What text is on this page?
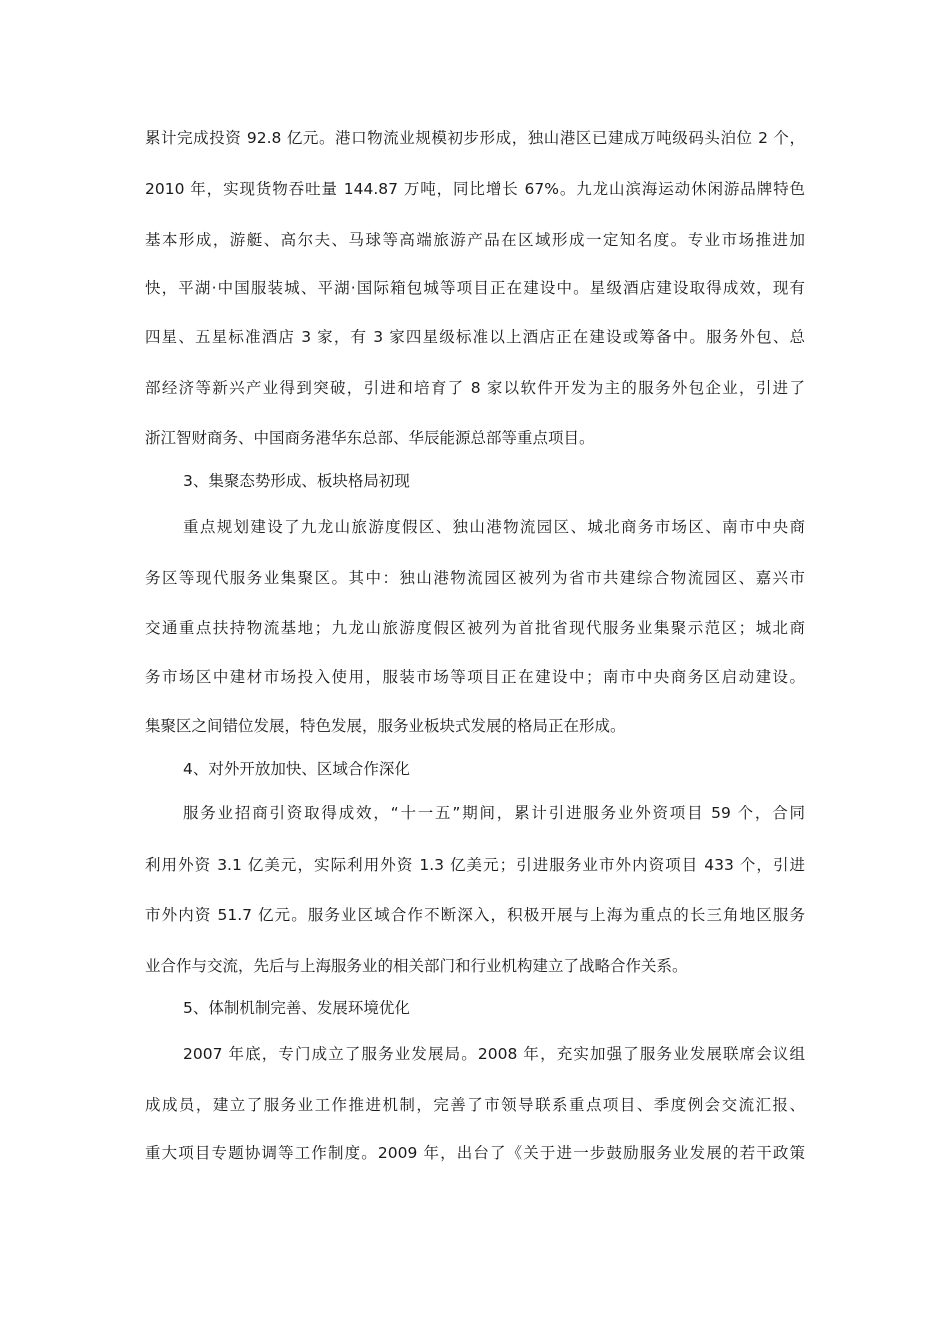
累计完成投资 92.8 亿元。港口物流业规模初步形成，独山港区已建成万吨级码头泊位 2 个，
2010 年，实现货物吞吐量 144.87 万吨，同比增长 67%。九龙山滨海运动休闲游品牌特色
基本形成，游艇、高尔夫、马球等高端旅游产品在区域形成一定知名度。专业市场推进加
快，平湖·中国服装城、平湖·国际箱包城等项目正在建设中。星级酒店建设取得成效，现有
四星、五星标准酒店 3 家，有 3 家四星级标准以上酒店正在建设或筹备中。服务外包、总
部经济等新兴产业得到突破，引进和培育了 8 家以软件开发为主的服务外包企业，引进了
浙江智财商务、中国商务港华东总部、华辰能源总部等重点项目。
3、集聚态势形成、板块格局初现
重点规划建设了九龙山旅游度假区、独山港物流园区、城北商务市场区、南市中央商
务区等现代服务业集聚区。其中：独山港物流园区被列为省市共建综合物流园区、嘉兴市
交通重点扶持物流基地；九龙山旅游度假区被列为首批省现代服务业集聚示范区；城北商
务市场区中建材市场投入使用，服装市场等项目正在建设中；南市中央商务区启动建设。
集聚区之间错位发展，特色发展，服务业板块式发展的格局正在形成。
4、对外开放加快、区域合作深化
服务业招商引资取得成效，“十一五”期间，累计引进服务业外资项目 59 个，合同
利用外资 3.1 亿美元，实际利用外资 1.3 亿美元；引进服务业市外内资项目 433 个，引进
市外内资 51.7 亿元。服务业区域合作不断深入，积极开展与上海为重点的长三角地区服务
业合作与交流，先后与上海服务业的相关部门和行业机构建立了战略合作关系。
5、体制机制完善、发展环境优化
2007 年底，专门成立了服务业发展局。2008 年，充实加强了服务业发展联席会议组
成成员，建立了服务业工作推进机制，完善了市领导联系重点项目、季度例会交流汇报、
重大项目专题协调等工作制度。2009 年，出台了《关于进一步鼓励服务业发展的若干政策
